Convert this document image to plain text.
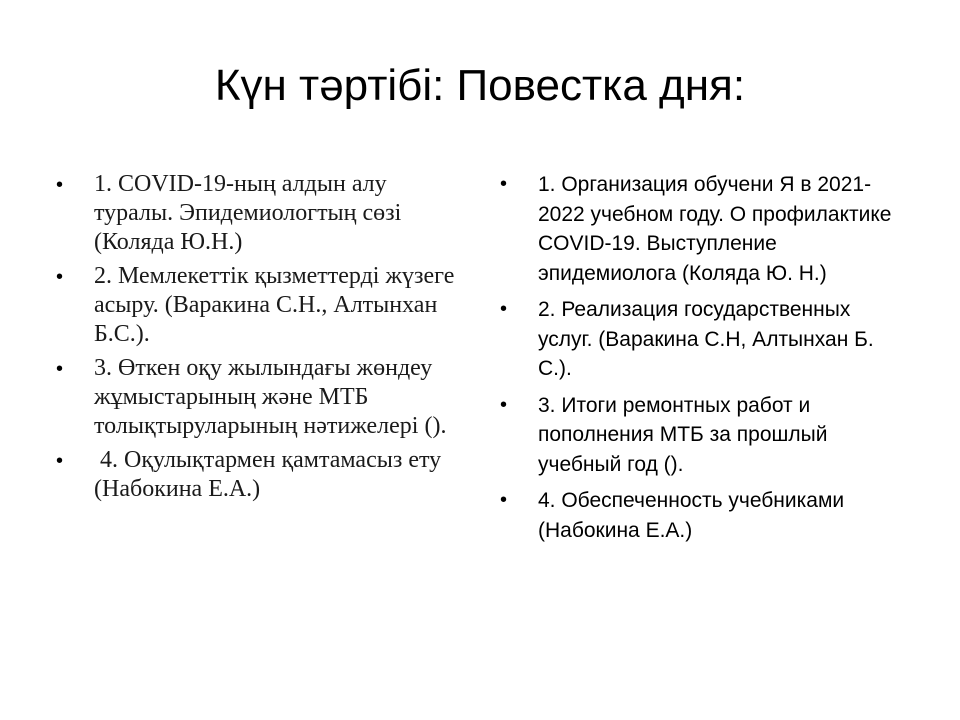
Күн тәртібі: Повестка дня:
• 1. COVID-19-ның алдын алу туралы. Эпидемиологтың сөзі (Коляда Ю.Н.)
• 2. Мемлекеттік қызметтерді жүзеге асыру. (Варакина С.Н., Алтынхан Б.С.).
• 3. Өткен оқу жылындағы жөндеу жұмыстарының және МТБ толықтыруларының нәтижелері ().
• 4. Оқулықтармен қамтамасыз ету (Набокина Е.А.)
• 1. Организация обучени Я в 2021-2022 учебном году. О профилактике COVID-19. Выступление эпидемиолога (Коляда Ю. Н.)
• 2. Реализация государственных услуг. (Варакина С.Н, Алтынхан Б. С.).
• 3. Итоги ремонтных работ и пополнения МТБ за прошлый учебный год ().
• 4. Обеспеченность учебниками (Набокина Е.А.)
